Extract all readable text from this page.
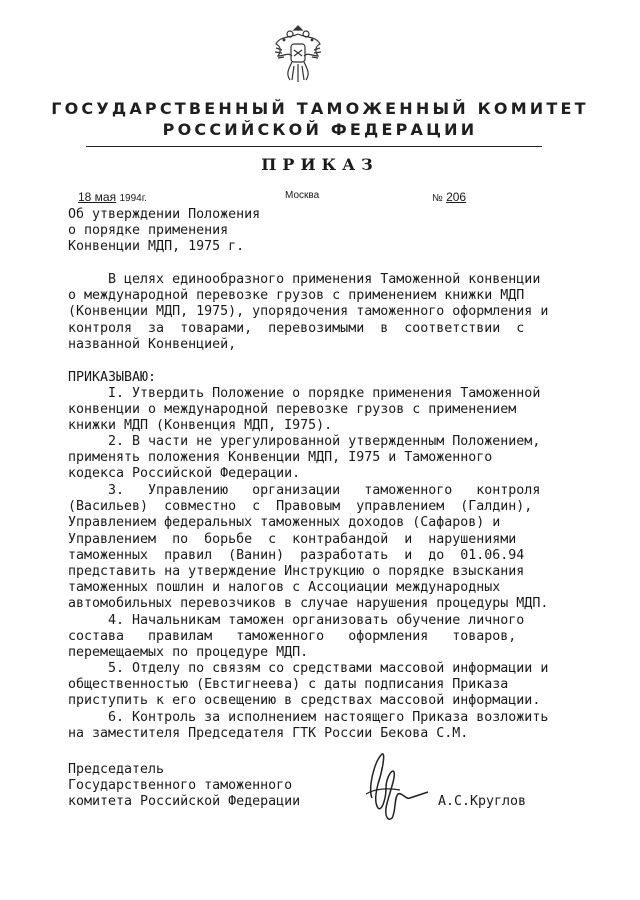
ГОСУДАРСТВЕННЫЙ ТАМОЖЕННЫЙ КОМИТЕТ
РОССИЙСКОЙ ФЕДЕРАЦИИ
ПРИКАЗ
18 мая 1994г.	Москва	№ 206
Об утверждении Положения
о порядке применения
Конвенции МДП, 1975 г.
В целях единообразного применения Таможенной конвенции
о международной перевозке грузов с применением книжки МДП
(Конвенции МДП, 1975), упорядочения таможенного оформления и
контроля  за  товарами,  перевозимыми  в  соответствии  с
названной Конвенцией,
ПРИКАЗЫВАЮ:
I. Утвердить Положение о порядке применения Таможенной
конвенции о международной перевозке грузов с применением
книжки МДП (Конвенция МДП, I975).
2. В части не урегулированной утвержденным Положением,
применять положения Конвенции МДП, I975 и Таможенного
кодекса Российской Федерации.
3.   Управлению   организации   таможенного   контроля
(Васильев)  совместно  с  Правовым  управлением  (Галдин),
Управлением федеральных таможенных доходов (Сафаров) и
Управлением  по  борьбе  с  контрабандой  и  нарушениями
таможенных  правил  (Ванин)  разработать  и  до  01.06.94
представить на утверждение Инструкцию о порядке взыскания
таможенных пошлин и налогов с Ассоциации международных
автомобильных перевозчиков в случае нарушения процедуры МДП.
4. Начальникам таможен организовать обучение личного
состава   правилам   таможенного   оформления   товаров,
перемещаемых по процедуре МДП.
5. Отделу по связям со средствами массовой информации и
общественностью (Евстигнеева) с даты подписания Приказа
приступить к его освещению в средствах массовой информации.
6. Контроль за исполнением настоящего Приказа возложить
на заместителя Председателя ГТК России Бекова С.М.
Председатель
Государственного таможенного
комитета Российской Федерации	А.С.Круглов
